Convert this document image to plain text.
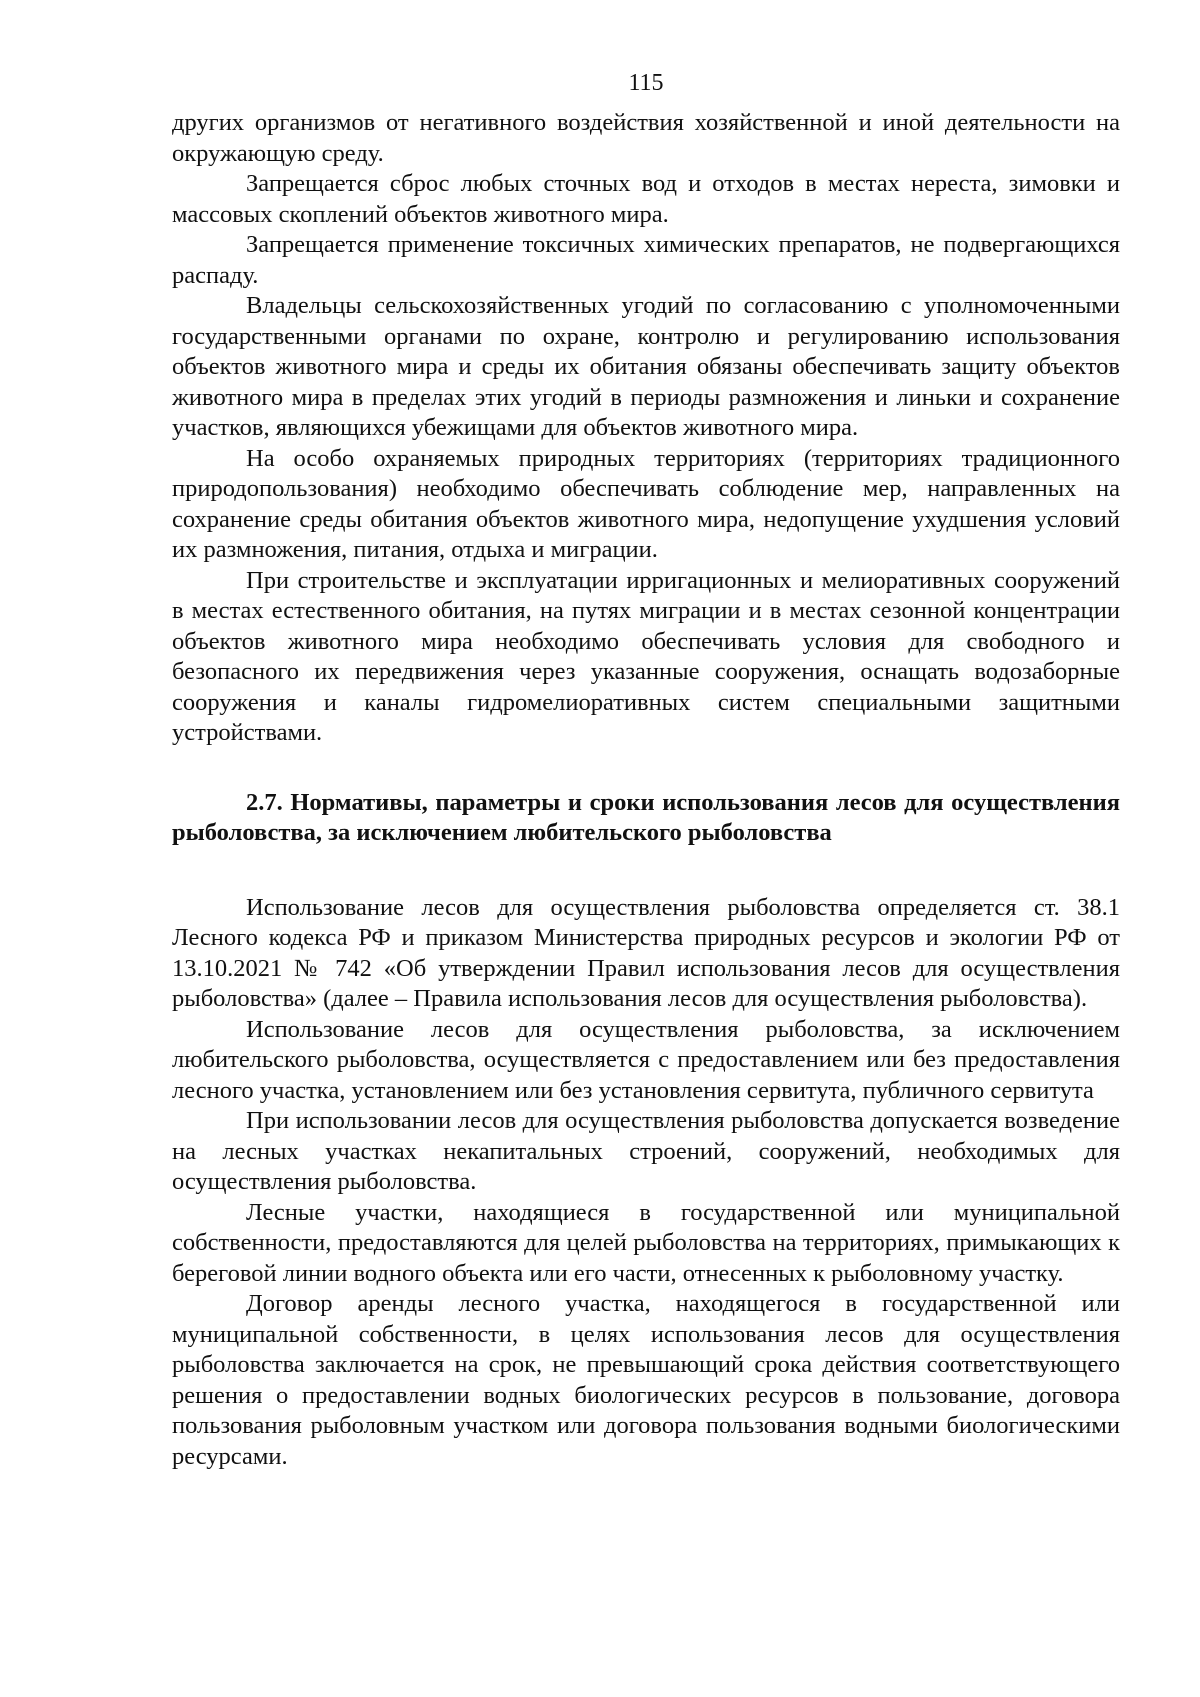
115

других организмов от негативного воздействия хозяйственной и иной деятельности на окружающую среду.

Запрещается сброс любых сточных вод и отходов в местах нереста, зимовки и массовых скоплений объектов животного мира.

Запрещается применение токсичных химических препаратов, не подвергающихся распаду.

Владельцы сельскохозяйственных угодий по согласованию с уполномоченными государственными органами по охране, контролю и регулированию использования объектов животного мира и среды их обитания обязаны обеспечивать защиту объектов животного мира в пределах этих угодий в периоды размножения и линьки и сохранение участков, являющихся убежищами для объектов животного мира.

На особо охраняемых природных территориях (территориях традиционного природопользования) необходимо обеспечивать соблюдение мер, направленных на сохранение среды обитания объектов животного мира, недопущение ухудшения условий их размножения, питания, отдыха и миграции.

При строительстве и эксплуатации ирригационных и мелиоративных сооружений в местах естественного обитания, на путях миграции и в местах сезонной концентрации объектов животного мира необходимо обеспечивать условия для свободного и безопасного их передвижения через указанные сооружения, оснащать водозаборные сооружения и каналы гидромелиоративных систем специальными защитными устройствами.

2.7. Нормативы, параметры и сроки использования лесов для осуществления рыболовства, за исключением любительского рыболовства

Использование лесов для осуществления рыболовства определяется ст. 38.1 Лесного кодекса РФ и приказом Министерства природных ресурсов и экологии РФ от 13.10.2021 № 742 «Об утверждении Правил использования лесов для осуществления рыболовства» (далее – Правила использования лесов для осуществления рыболовства).

Использование лесов для осуществления рыболовства, за исключением любительского рыболовства, осуществляется с предоставлением или без предоставления лесного участка, установлением или без установления сервитута, публичного сервитута

При использовании лесов для осуществления рыболовства допускается возведение на лесных участках некапитальных строений, сооружений, необходимых для осуществления рыболовства.

Лесные участки, находящиеся в государственной или муниципальной собственности, предоставляются для целей рыболовства на территориях, примыкающих к береговой линии водного объекта или его части, отнесенных к рыболовному участку.

Договор аренды лесного участка, находящегося в государственной или муниципальной собственности, в целях использования лесов для осуществления рыболовства заключается на срок, не превышающий срока действия соответствующего решения о предоставлении водных биологических ресурсов в пользование, договора пользования рыболовным участком или договора пользования водными биологическими ресурсами.
